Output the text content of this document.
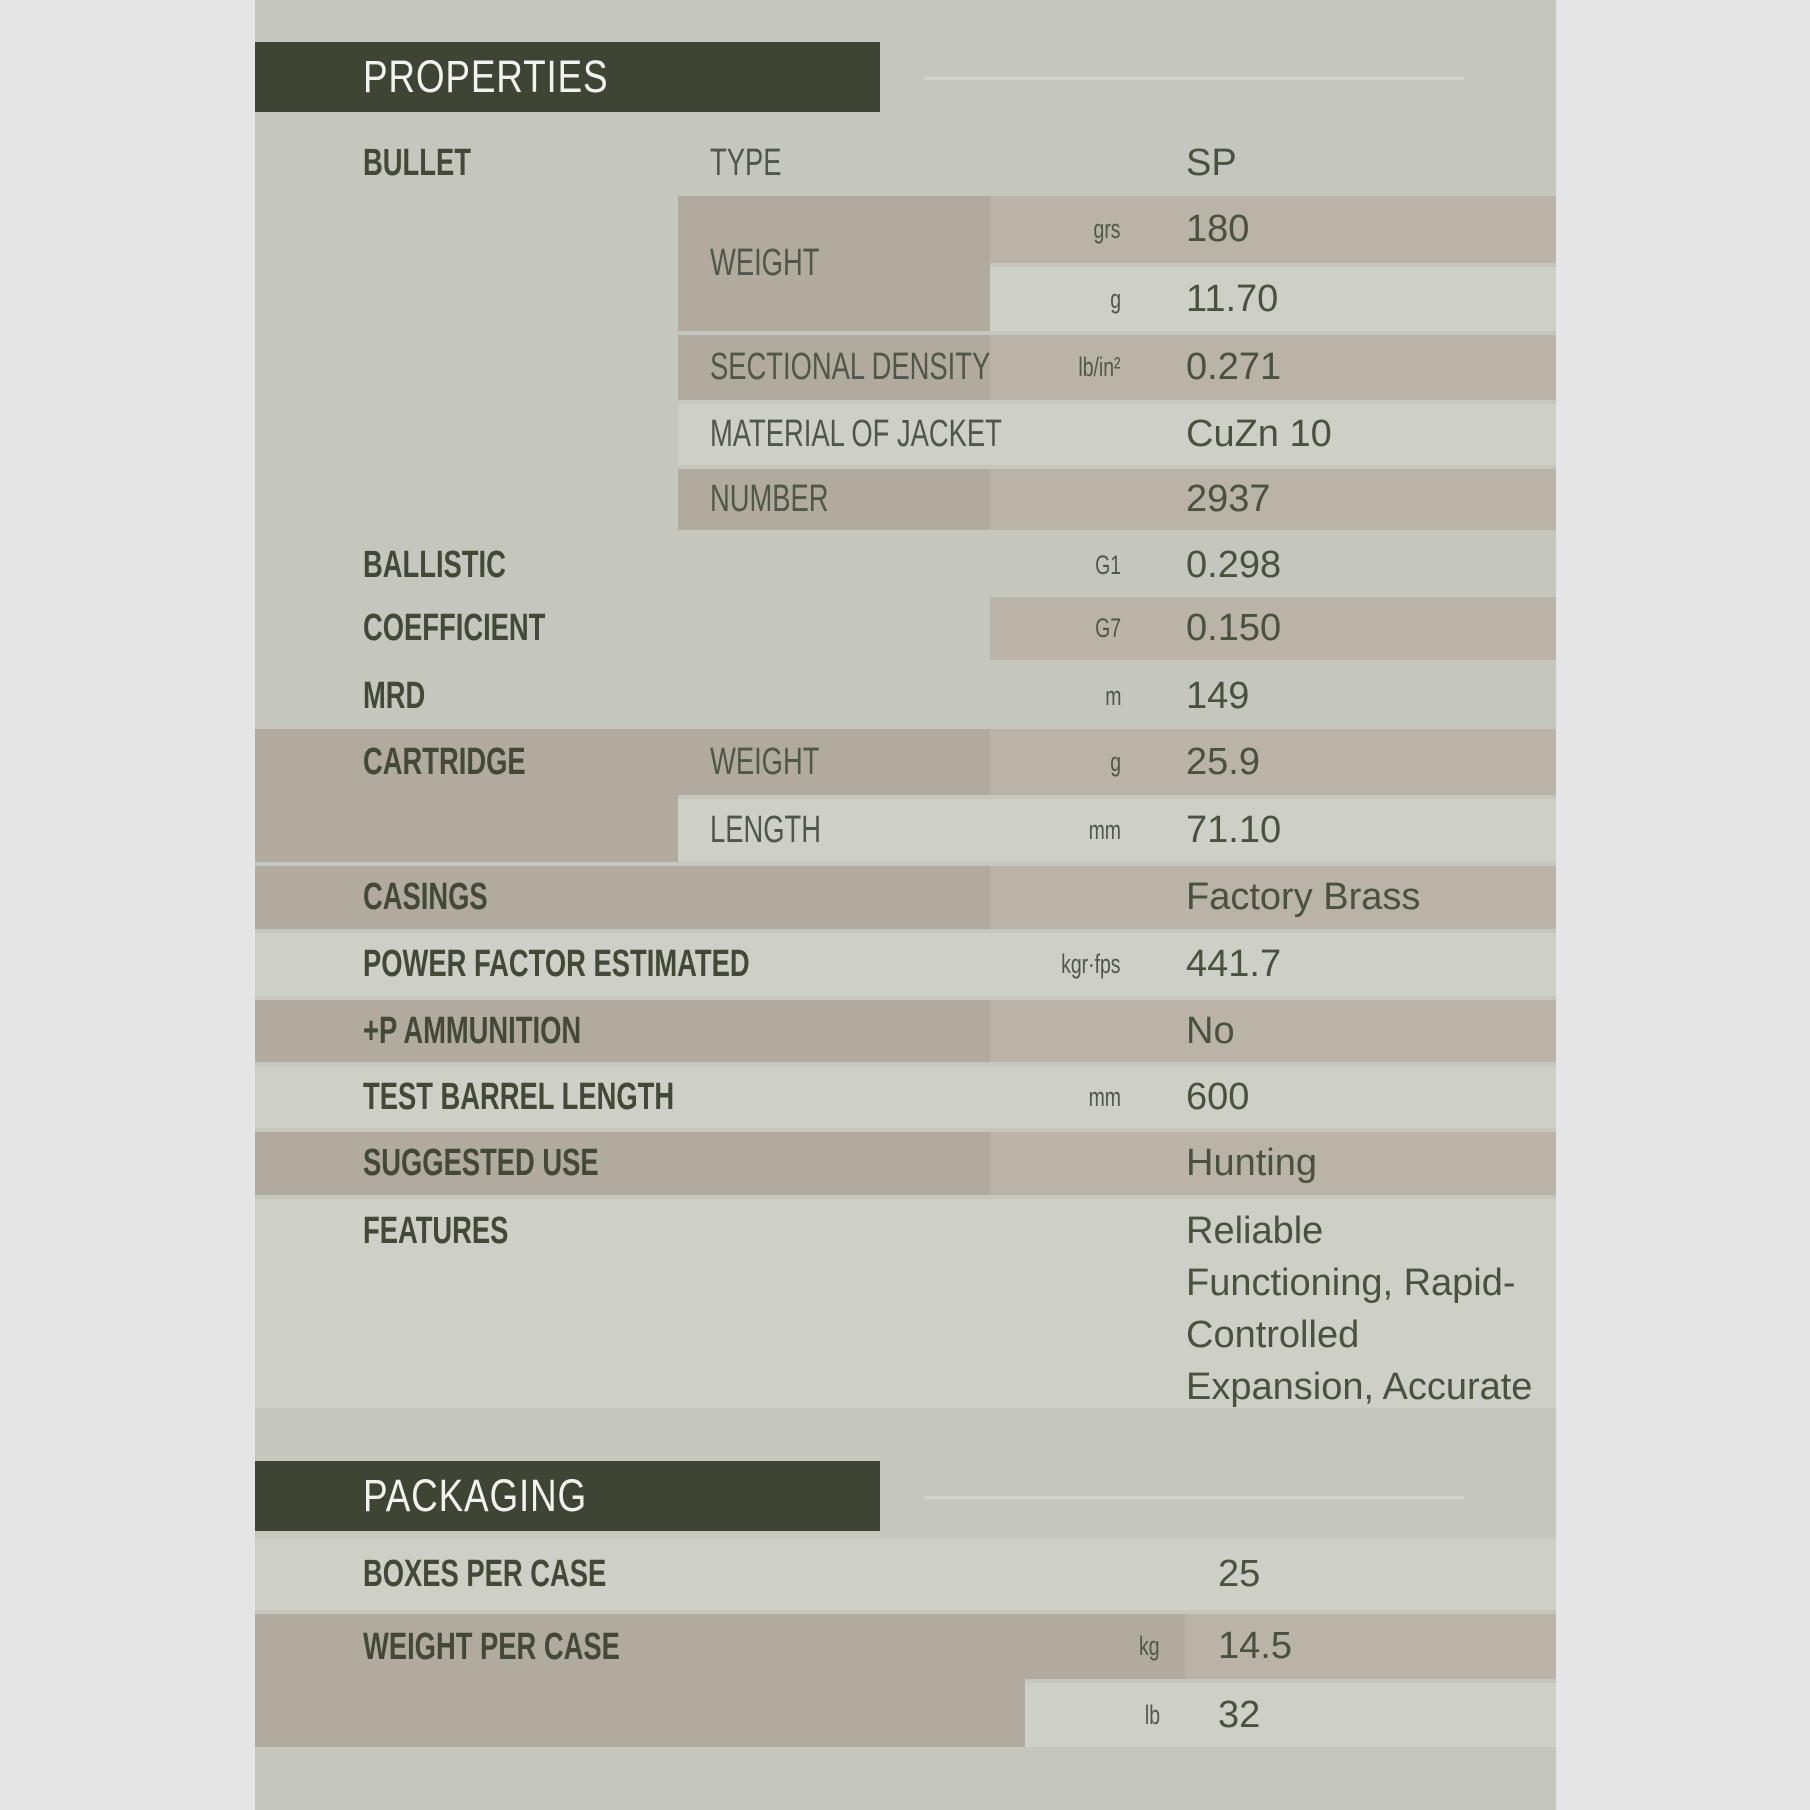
PROPERTIES
BULLET	TYPE	SP
WEIGHT
grs 180
g 11.70
SECTIONAL DENSITY	lb/in² 0.271
MATERIAL OF JACKET	CuZn 10
NUMBER	2937
BALLISTIC	G1 0.298
COEFFICIENT	G7 0.150
MRD	m 149
CARTRIDGE	WEIGHT	g 25.9
LENGTH	mm 71.10
CASINGS	Factory Brass
POWER FACTOR ESTIMATED	kgr·fps 441.7
+P AMMUNITION	No
TEST BARREL LENGTH	mm 600
SUGGESTED USE	Hunting
FEATURES	Reliable
Functioning, Rapid-
Controlled
Expansion, Accurate
PACKAGING
BOXES PER CASE	25
WEIGHT PER CASE	kg 14.5
lb 32
